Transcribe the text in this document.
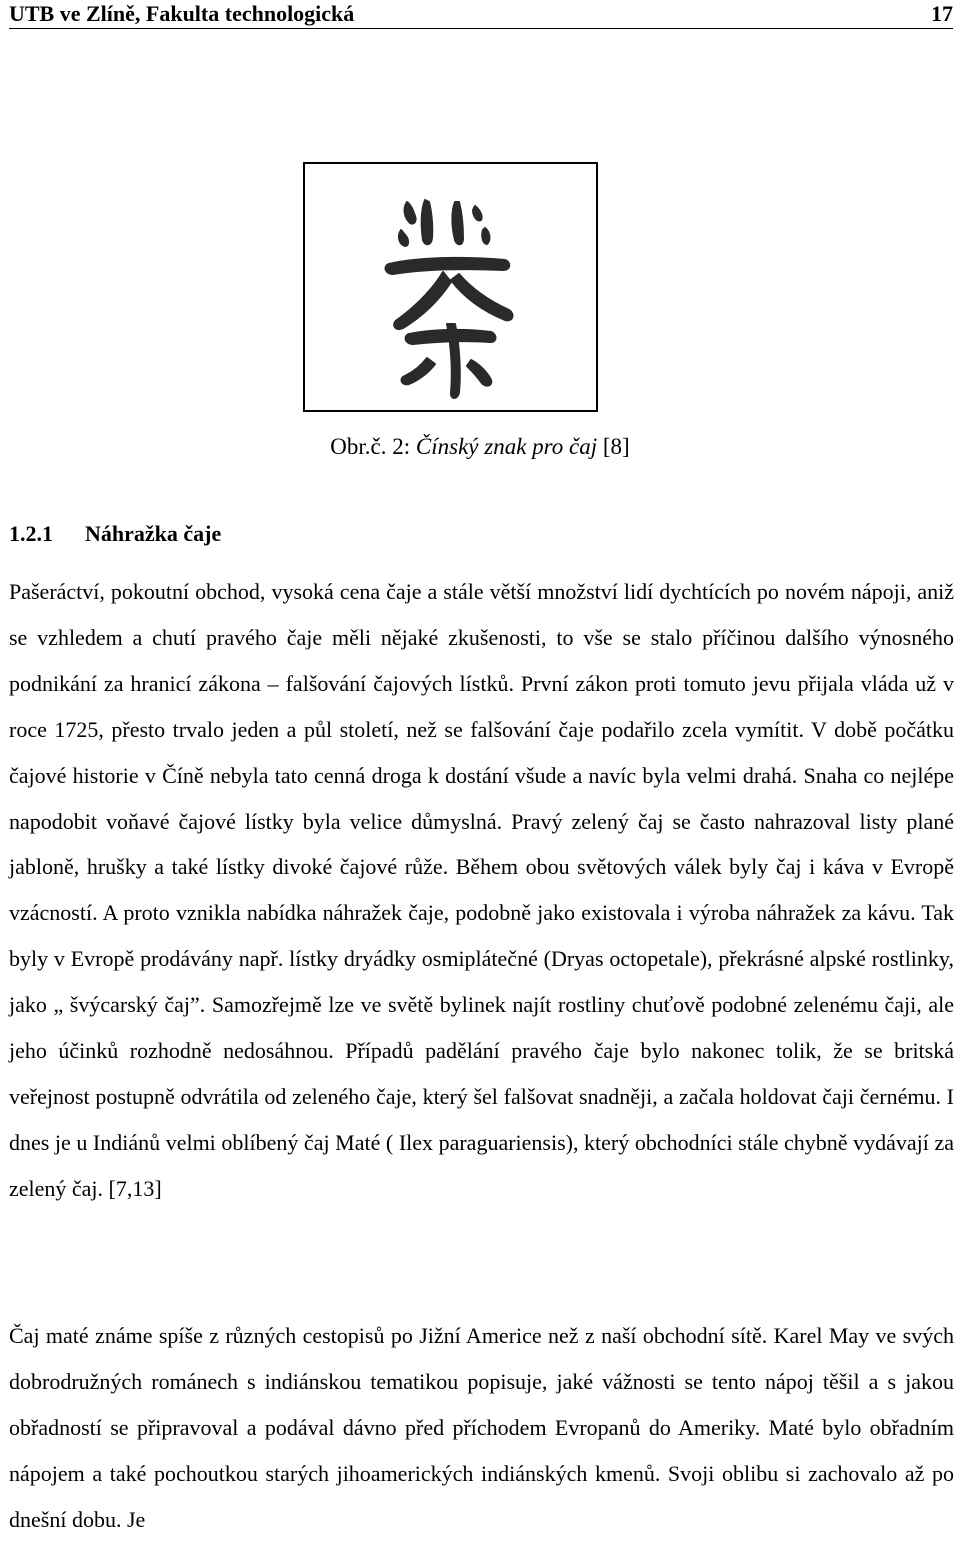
UTB ve Zlíně, Fakulta technologická	17
Obr.č. 2: Čínský znak pro čaj [8]
1.2.1 Náhražka čaje

Pašeráctví, pokoutní obchod, vysoká cena čaje a stále větší množství lidí dychtících po novém nápoji, aniž se vzhledem a chutí pravého čaje měli nějaké zkušenosti, to vše se stalo příčinou dalšího výnosného podnikání za hranicí zákona – falšování čajových lístků. První zákon proti tomuto jevu přijala vláda už v roce 1725, přesto trvalo jeden a půl století, než se falšování čaje podařilo zcela vymítit. V době počátku čajové historie v Číně nebyla tato cenná droga k dostání všude a navíc byla velmi drahá. Snaha co nejlépe napodobit voňavé čajové lístky byla velice důmyslná. Pravý zelený čaj se často nahrazoval listy plané jabloně, hrušky a také lístky divoké čajové růže. Během obou světových válek byly čaj i káva v Evropě vzácností. A proto vznikla nabídka náhražek čaje, podobně jako existovala i výroba náhražek za kávu. Tak byly v Evropě prodávány např. lístky dryádky osmiplátečné (Dryas octopetale), překrásné alpské rostlinky, jako „ švýcarský čaj”. Samozřejmě lze ve světě bylinek najít rostliny chuťově podobné zelenému čaji, ale jeho účinků rozhodně nedosáhnou. Případů padělání pravého čaje bylo nakonec tolik, že se britská veřejnost postupně odvrátila od zeleného čaje, který šel falšovat snadněji, a začala holdovat čaji černému. I dnes je u Indiánů velmi oblíbený čaj Maté ( Ilex paraguariensis), který obchodníci stále chybně vydávají za zelený čaj. [7,13]

Čaj maté známe spíše z různých cestopisů po Jižní Americe než z naší obchodní sítě. Karel May ve svých dobrodružných románech s indiánskou tematikou popisuje, jaké vážnosti se tento nápoj těšil a s jakou obřadností se připravoval a podával dávno před příchodem Evropanů do Ameriky. Maté bylo obřadním nápojem a také pochoutkou starých jihoamerických indiánských kmenů. Svoji oblibu si zachovalo až po dnešní dobu. Je
